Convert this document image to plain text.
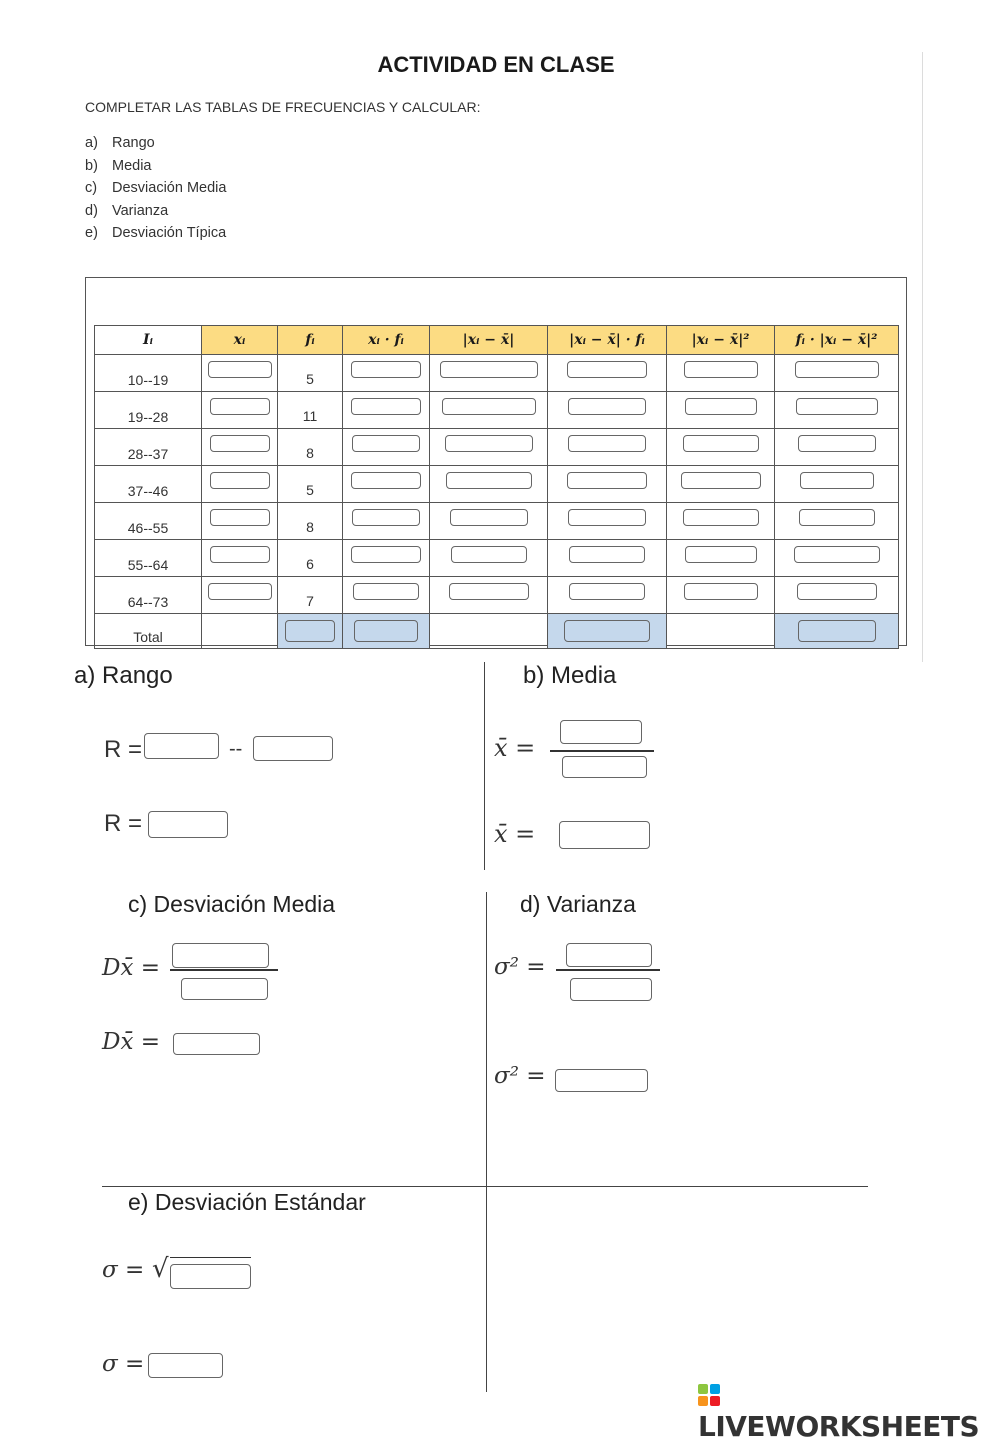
ACTIVIDAD EN CLASE
COMPLETAR LAS TABLAS DE FRECUENCIAS Y CALCULAR:
a) Rango
b) Media
c) Desviación Media
d) Varianza
e) Desviación Típica
Iᵢ	xᵢ	fᵢ	xᵢ · fᵢ	|xᵢ − x̄|	|xᵢ − x̄| · fᵢ	|xᵢ − x̄|²	fᵢ · |xᵢ − x̄|²

10--19		5					

19--28		11					

28--37		8					

37--46		5					

46--55		8					

55--64		6					

64--73		7					

Total							

a) Rango
R =	--
R =
b) Media
x̄ =
x̄ =
c) Desviación Media
Dx̄ =
Dx̄ =
d) Varianza
σ² =
σ² =
e) Desviación Estándar
σ = √
σ =
LIVEWORKSHEETS
